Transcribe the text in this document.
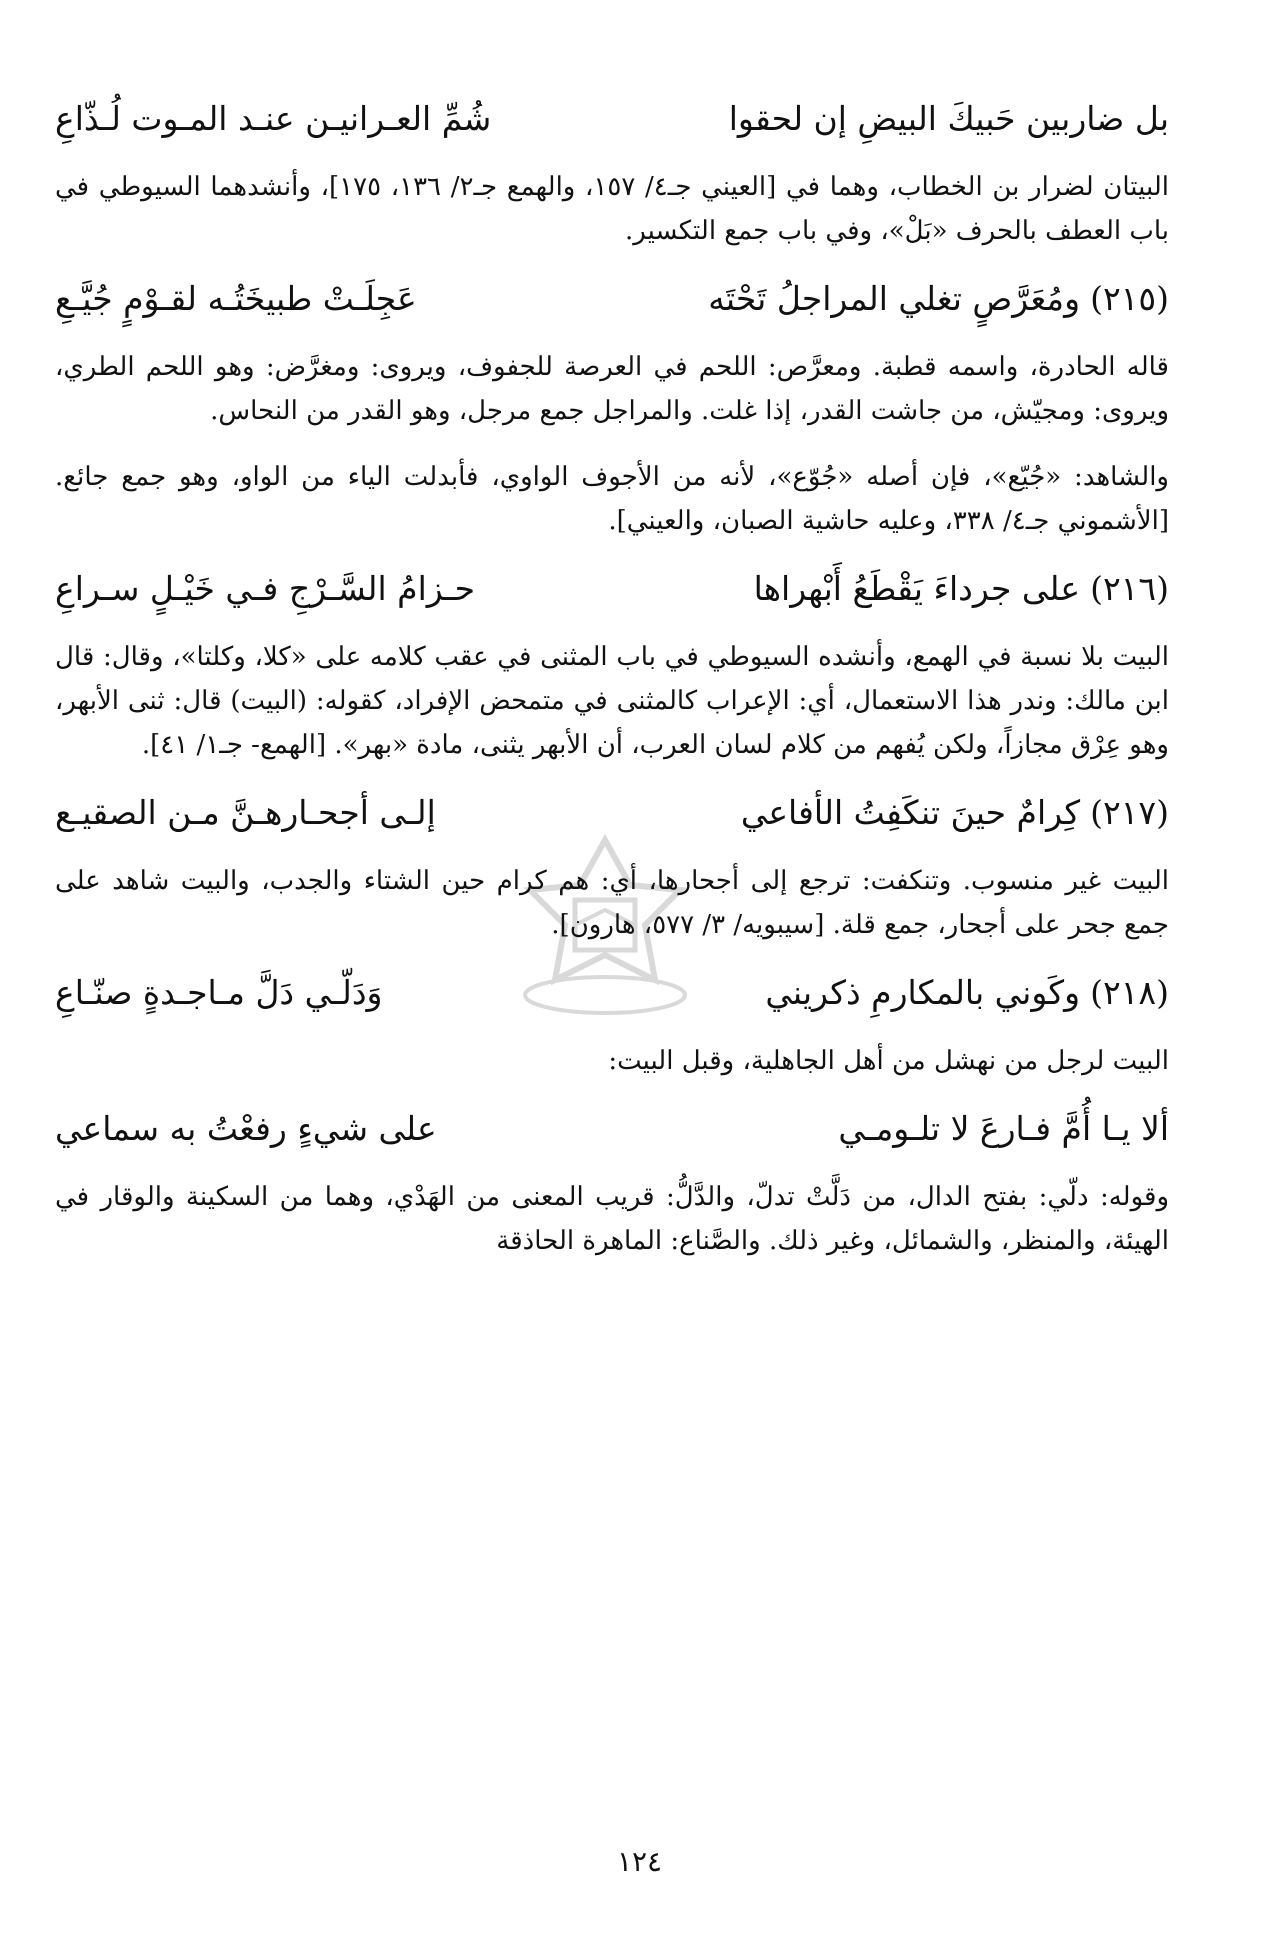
بل ضاربين حَبيكَ البيضِ إن لحقوا
شُمِّ العـرانيـن عنـد المـوت لُـذّاعِ

البيتان لضرار بن الخطاب، وهما في [العيني جـ٤/ ١٥٧، والهمع جـ٢/ ١٣٦، ١٧٥]، وأنشدهما السيوطي في باب العطف بالحرف «بَلْ»، وفي باب جمع التكسير.

(٢١٥)
ومُعَرَّصٍ تغلي المراجلُ تَحْتَه
عَجِلَـتْ طبيخَتُـه لقـوْمٍ جُيَّـعِ

قاله الحادرة، واسمه قطبة. ومعرَّص: اللحم في العرصة للجفوف، ويروى: ومغرَّض: وهو اللحم الطري، ويروى: ومجيّش، من جاشت القدر، إذا غلت. والمراجل جمع مرجل، وهو القدر من النحاس.

والشاهد: «جُيّع»، فإن أصله «جُوّع»، لأنه من الأجوف الواوي، فأبدلت الياء من الواو، وهو جمع جائع. [الأشموني جـ٤/ ٣٣٨، وعليه حاشية الصبان، والعيني].

(٢١٦)
على جرداءَ يَقْطَعُ أَبْهراها
حـزامُ السَّـرْجِ فـي خَيْـلٍ سـراعِ

البيت بلا نسبة في الهمع، وأنشده السيوطي في باب المثنى في عقب كلامه على «كلا، وكلتا»، وقال: قال ابن مالك: وندر هذا الاستعمال، أي: الإعراب كالمثنى في متمحض الإفراد، كقوله: (البيت) قال: ثنى الأبهر، وهو عِرْق مجازاً، ولكن يُفهم من كلام لسان العرب، أن الأبهر يثنى، مادة «بهر». [الهمع- جـ١/ ٤١].

(٢١٧)
كِرامٌ حينَ تنكَفِتُ الأفاعي
إلـى أجحـارهـنَّ مـن الصقيـع

البيت غير منسوب. وتنكفت: ترجع إلى أجحارها، أي: هم كرام حين الشتاء والجدب، والبيت شاهد على جمع جحر على أجحار، جمع قلة. [سيبويه/ ٣/ ٥٧٧، هارون].

(٢١٨)
وكَوني بالمكارمِ ذكريني
وَدَلّـي دَلَّ مـاجـدةٍ صنّـاعِ

البيت لرجل من نهشل من أهل الجاهلية، وقبل البيت:

ألا يـا أُمَّ فـارعَ لا تلـومـي
على شيءٍ رفعْتُ به سماعي

وقوله: دلّي: بفتح الدال، من دَلَّتْ تدلّ، والدَّلُّ: قريب المعنى من الهَدْي، وهما من السكينة والوقار في الهيئة، والمنظر، والشمائل، وغير ذلك. والصَّناع: الماهرة الحاذقة

١٢٤
